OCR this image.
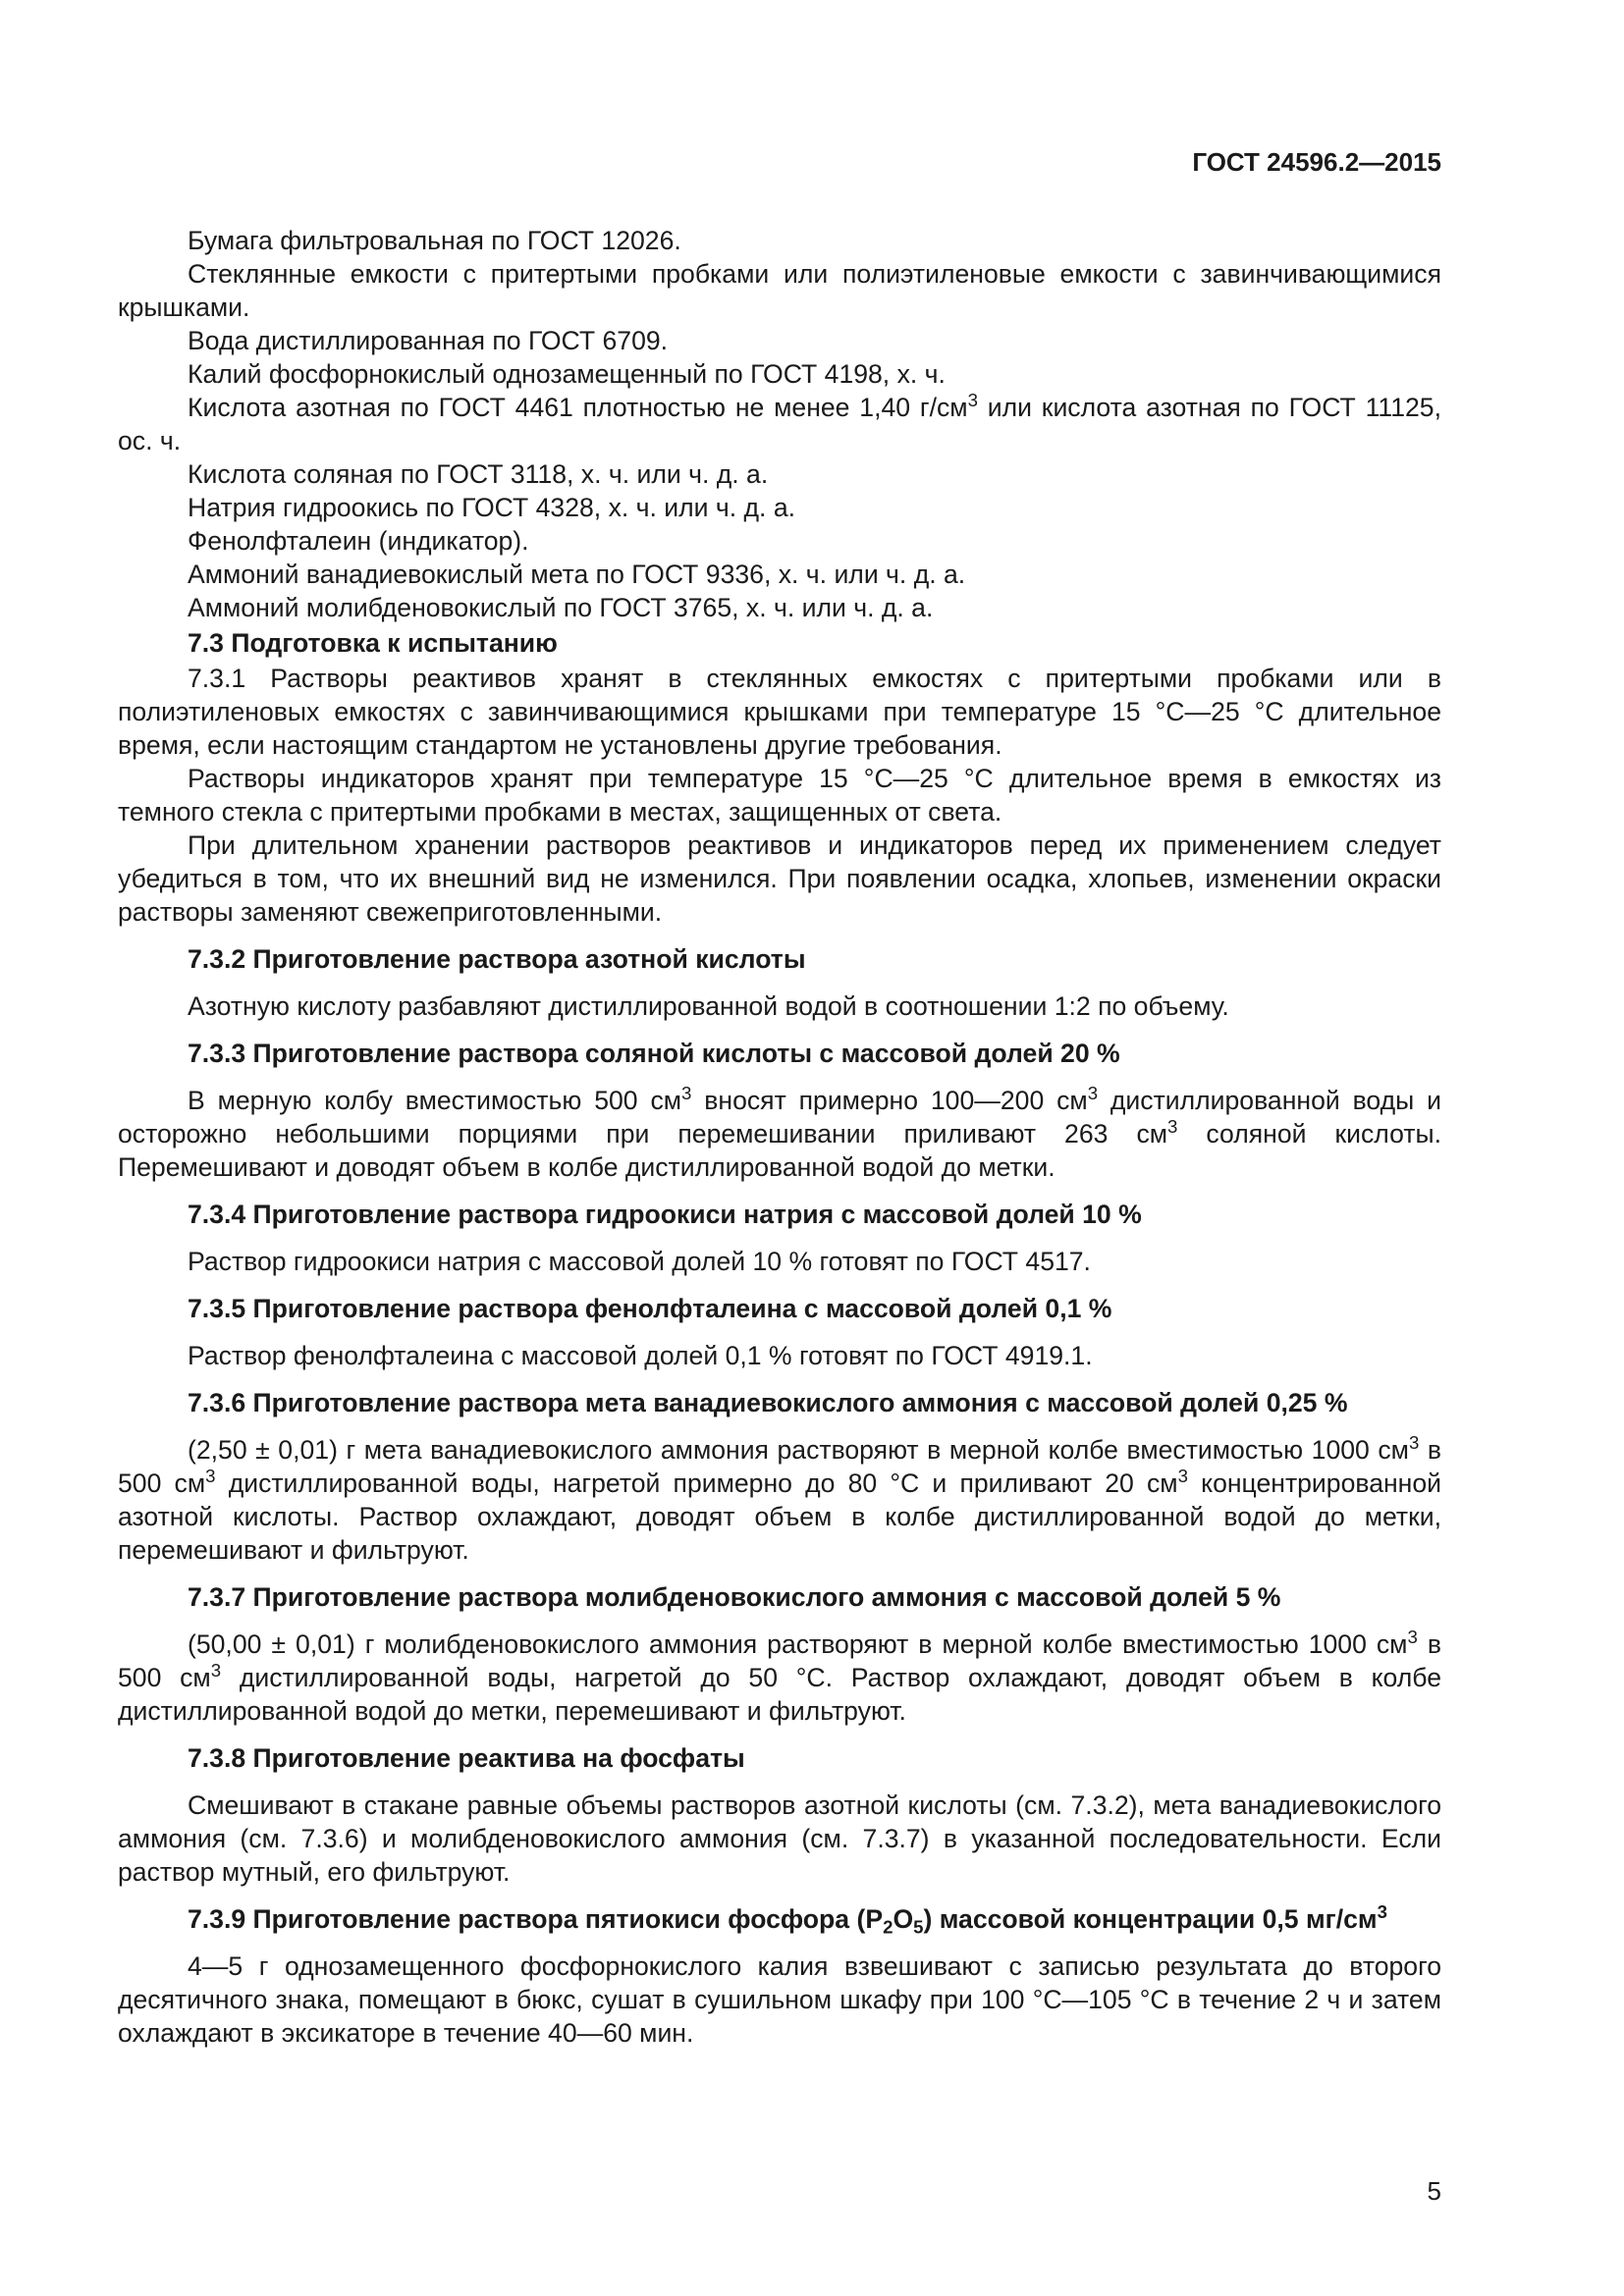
ГОСТ 24596.2—2015

Бумага фильтровальная по ГОСТ 12026.

Стеклянные емкости с притертыми пробками или полиэтиленовые емкости с завинчивающимися крышками.

Вода дистиллированная по ГОСТ 6709.

Калий фосфорнокислый однозамещенный по ГОСТ 4198, х. ч.

Кислота азотная по ГОСТ 4461 плотностью не менее 1,40 $г/см^3$ или кислота азотная по ГОСТ 11125, ос. ч.

Кислота соляная по ГОСТ 3118, х. ч. или ч. д. а.

Натрия гидроокись по ГОСТ 4328, х. ч. или ч. д. а.

Фенолфталеин (индикатор).

Аммоний ванадиевокислый мета по ГОСТ 9336, х. ч. или ч. д. а.

Аммоний молибденовокислый по ГОСТ 3765, х. ч. или ч. д. а.

7.3 Подготовка к испытанию

7.3.1 Растворы реактивов хранят в стеклянных емкостях с притертыми пробками или в полиэтиленовых емкостях с завинчивающимися крышками при температуре 15 °С—25 °С длительное время, если настоящим стандартом не установлены другие требования.

Растворы индикаторов хранят при температуре 15 °С—25 °С длительное время в емкостях из темного стекла с притертыми пробками в местах, защищенных от света.

При длительном хранении растворов реактивов и индикаторов перед их применением следует убедиться в том, что их внешний вид не изменился. При появлении осадка, хлопьев, изменении окраски растворы заменяют свежеприготовленными.

7.3.2 Приготовление раствора азотной кислоты

Азотную кислоту разбавляют дистиллированной водой в соотношении 1:2 по объему.

7.3.3 Приготовление раствора соляной кислоты с массовой долей 20 %

В мерную колбу вместимостью 500 $см^3$ вносят примерно 100—200 $см^3$ дистиллированной воды и осторожно небольшими порциями при перемешивании приливают 263 $см^3$ соляной кислоты. Перемешивают и доводят объем в колбе дистиллированной водой до метки.

7.3.4 Приготовление раствора гидроокиси натрия с массовой долей 10 %

Раствор гидроокиси натрия с массовой долей 10 % готовят по ГОСТ 4517.

7.3.5 Приготовление раствора фенолфталеина с массовой долей 0,1 %

Раствор фенолфталеина с массовой долей 0,1 % готовят по ГОСТ 4919.1.

7.3.6 Приготовление раствора мета ванадиевокислого аммония с массовой долей 0,25 %

(2,50 ± 0,01) г мета ванадиевокислого аммония растворяют в мерной колбе вместимостью 1000 $см^3$ в 500 $см^3$ дистиллированной воды, нагретой примерно до 80 °С и приливают 20 $см^3$ концентрированной азотной кислоты. Раствор охлаждают, доводят объем в колбе дистиллированной водой до метки, перемешивают и фильтруют.

7.3.7 Приготовление раствора молибденовокислого аммония с массовой долей 5 %

(50,00 ± 0,01) г молибденовокислого аммония растворяют в мерной колбе вместимостью 1000 $см^3$ в 500 $см^3$ дистиллированной воды, нагретой до 50 °С. Раствор охлаждают, доводят объем в колбе дистиллированной водой до метки, перемешивают и фильтруют.

7.3.8 Приготовление реактива на фосфаты

Смешивают в стакане равные объемы растворов азотной кислоты (см. 7.3.2), мета ванадиевокислого аммония (см. 7.3.6) и молибденовокислого аммония (см. 7.3.7) в указанной последовательности. Если раствор мутный, его фильтруют.

7.3.9 Приготовление раствора пятиокиси фосфора $(P_2O_5)$ массовой концентрации 0,5 $мг/см^3$

4—5 г однозамещенного фосфорнокислого калия взвешивают с записью результата до второго десятичного знака, помещают в бюкс, сушат в сушильном шкафу при 100 °С—105 °С в течение 2 ч и затем охлаждают в эксикаторе в течение 40—60 мин.

5
